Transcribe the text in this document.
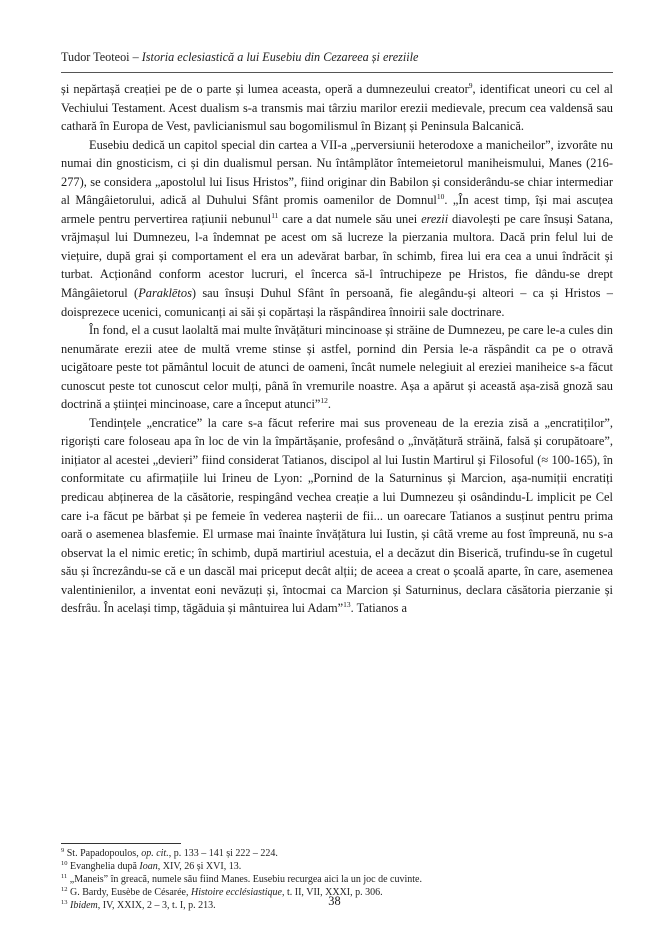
Tudor Teoteoi – Istoria eclesiastică a lui Eusebiu din Cezareea și ereziile

și nepărtașă creației pe de o parte și lumea aceasta, operă a dumnezeului creator$^9$, identificat uneori cu cel al Vechiului Testament. Acest dualism s-a transmis mai târziu marilor erezii medievale, precum cea valdensă sau cathară în Europa de Vest, pavlicianismul sau bogomilismul în Bizanț și Peninsula Balcanică.

Eusebiu dedică un capitol special din cartea a VII-a „perversiunii heterodoxe a manicheilor”, izvorâte nu numai din gnosticism, ci și din dualismul persan. Nu întâmplător întemeietorul maniheismului, Manes (216-277), se considera „apostolul lui Iisus Hristos”, fiind originar din Babilon și considerându-se chiar intermediar al Mângâietorului, adică al Duhului Sfânt promis oamenilor de Domnul$^{10}$. „În acest timp, își mai ascuțea armele pentru pervertirea rațiunii nebunul$^{11}$ care a dat numele său unei erezii diavolești pe care însuși Satana, vrăjmașul lui Dumnezeu, l-a îndemnat pe acest om să lucreze la pierzania multora. Dacă prin felul lui de viețuire, după grai și comportament el era un adevărat barbar, în schimb, firea lui era cea a unui îndrăcit și turbat. Acționând conform acestor lucruri, el încerca să-l întruchipeze pe Hristos, fie dându-se drept Mângâietorul (Paraklētos) sau însuși Duhul Sfânt în persoană, fie alegându-și alteori – ca și Hristos – doisprezece ucenici, comunicanți ai săi și copărtași la răspândirea înnoirii sale doctrinare.

În fond, el a cusut laolaltă mai multe învățături mincinoase și străine de Dumnezeu, pe care le-a cules din nenumărate erezii atee de multă vreme stinse și astfel, pornind din Persia le-a răspândit ca pe o otravă ucigătoare peste tot pământul locuit de atunci de oameni, încât numele nelegiuit al ereziei maniheice s-a făcut cunoscut peste tot cunoscut celor mulți, până în vremurile noastre. Așa a apărut și această așa-zisă gnoză sau doctrină a științei mincinoase, care a început atunci”$^{12}$.

Tendințele „encratice” la care s-a făcut referire mai sus proveneau de la erezia zisă a „encratiților”, rigoriști care foloseau apa în loc de vin la împărtășanie, profesând o „învățătură străină, falsă și corupătoare”, inițiator al acestei „devieri” fiind considerat Tatianos, discipol al lui Iustin Martirul și Filosoful (≈ 100-165), în conformitate cu afirmațiile lui Irineu de Lyon: „Pornind de la Saturninus și Marcion, așa-numiții encratiți predicau abținerea de la căsătorie, respingând vechea creație a lui Dumnezeu și osândindu-L implicit pe Cel care i-a făcut pe bărbat și pe femeie în vederea nașterii de fii... un oarecare Tatianos a susținut pentru prima oară o asemenea blasfemie. El urmase mai înainte învățătura lui Iustin, și câtă vreme au fost împreună, nu s-a observat la el nimic eretic; în schimb, după martiriul acestuia, el a decăzut din Biserică, trufindu-se în cugetul său și încrezându-se că e un dascăl mai priceput decât alții; de aceea a creat o școală aparte, în care, asemenea valentinienilor, a inventat eoni nevăzuți și, întocmai ca Marcion și Saturninus, declara căsătoria pierzanie și desfrâu. În același timp, tăgăduia și mântuirea lui Adam”$^{13}$. Tatianos a

$^9$ St. Papadopoulos, op. cit., p. 133 – 141 și 222 – 224.
$^{10}$ Evanghelia după Ioan, XIV, 26 și XVI, 13.
$^{11}$ „Maneis” în greacă, numele său fiind Manes. Eusebiu recurgea aici la un joc de cuvinte.
$^{12}$ G. Bardy, Eusèbe de Césarée, Histoire ecclésiastique, t. II, VII, XXXI, p. 306.
$^{13}$ Ibidem, IV, XXIX, 2 – 3, t. I, p. 213.	38
